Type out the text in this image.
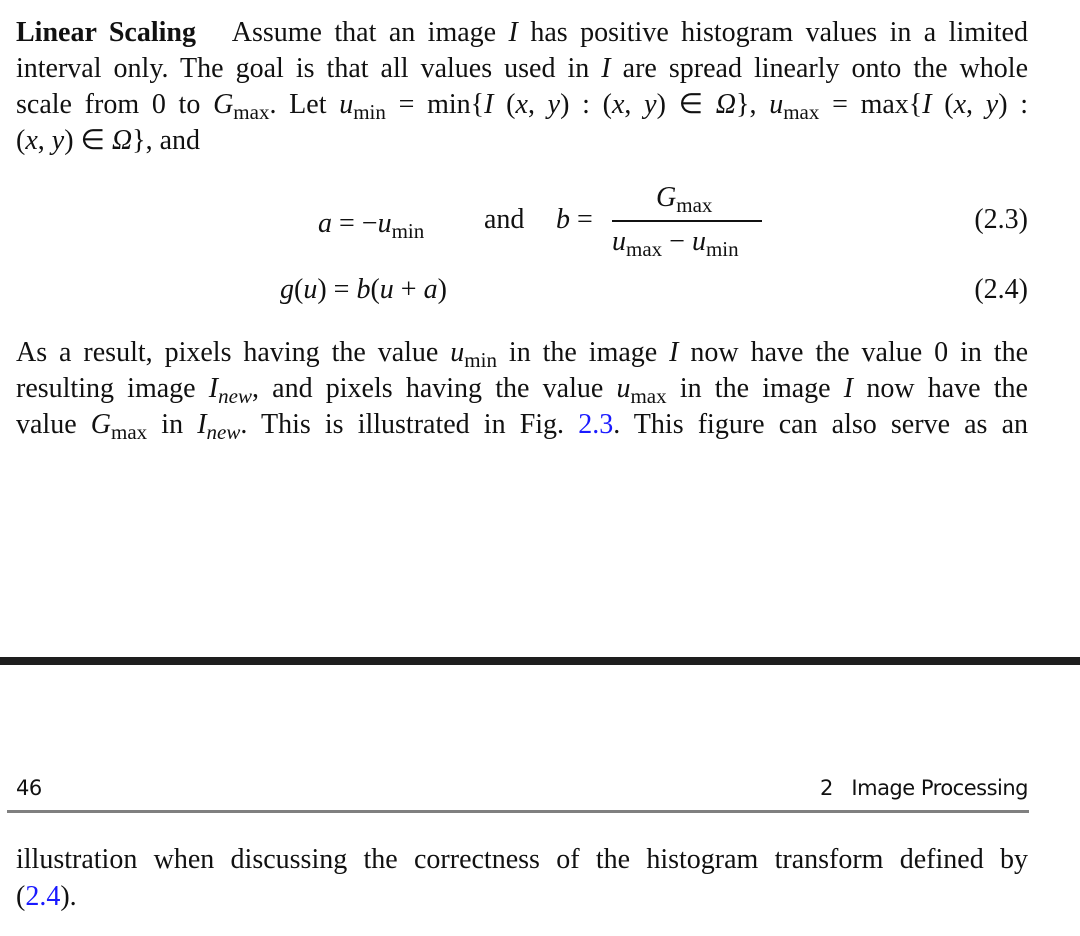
Linear Scaling   Assume that an image I has positive histogram values in a limited
interval only. The goal is that all values used in I are spread linearly onto the whole
scale from 0 to $G_{max}$. Let $u_{min} = \min\{I$ (x, y) : (x, y) ∈ Ω}, $u_{max} = \max\{I$ (x, y) :
(x, y) ∈ Ω}, and
$a = -u_{min}$ and b =
$G_{max}$
$u_{max} - u_{min}$
(2.3)
g(u) = b(u + a)	(2.4)
As a result, pixels having the value $u_{min}$ in the image I now have the value 0 in the
resulting image $I_{new}$, and pixels having the value $u_{max}$ in the image I now have the
value $G_{max}$ in $I_{new}$. This is illustrated in Fig. 2.3. This figure can also serve as an
46	2   Image Processing
illustration when discussing the correctness of the histogram transform defined by
(2.4).
